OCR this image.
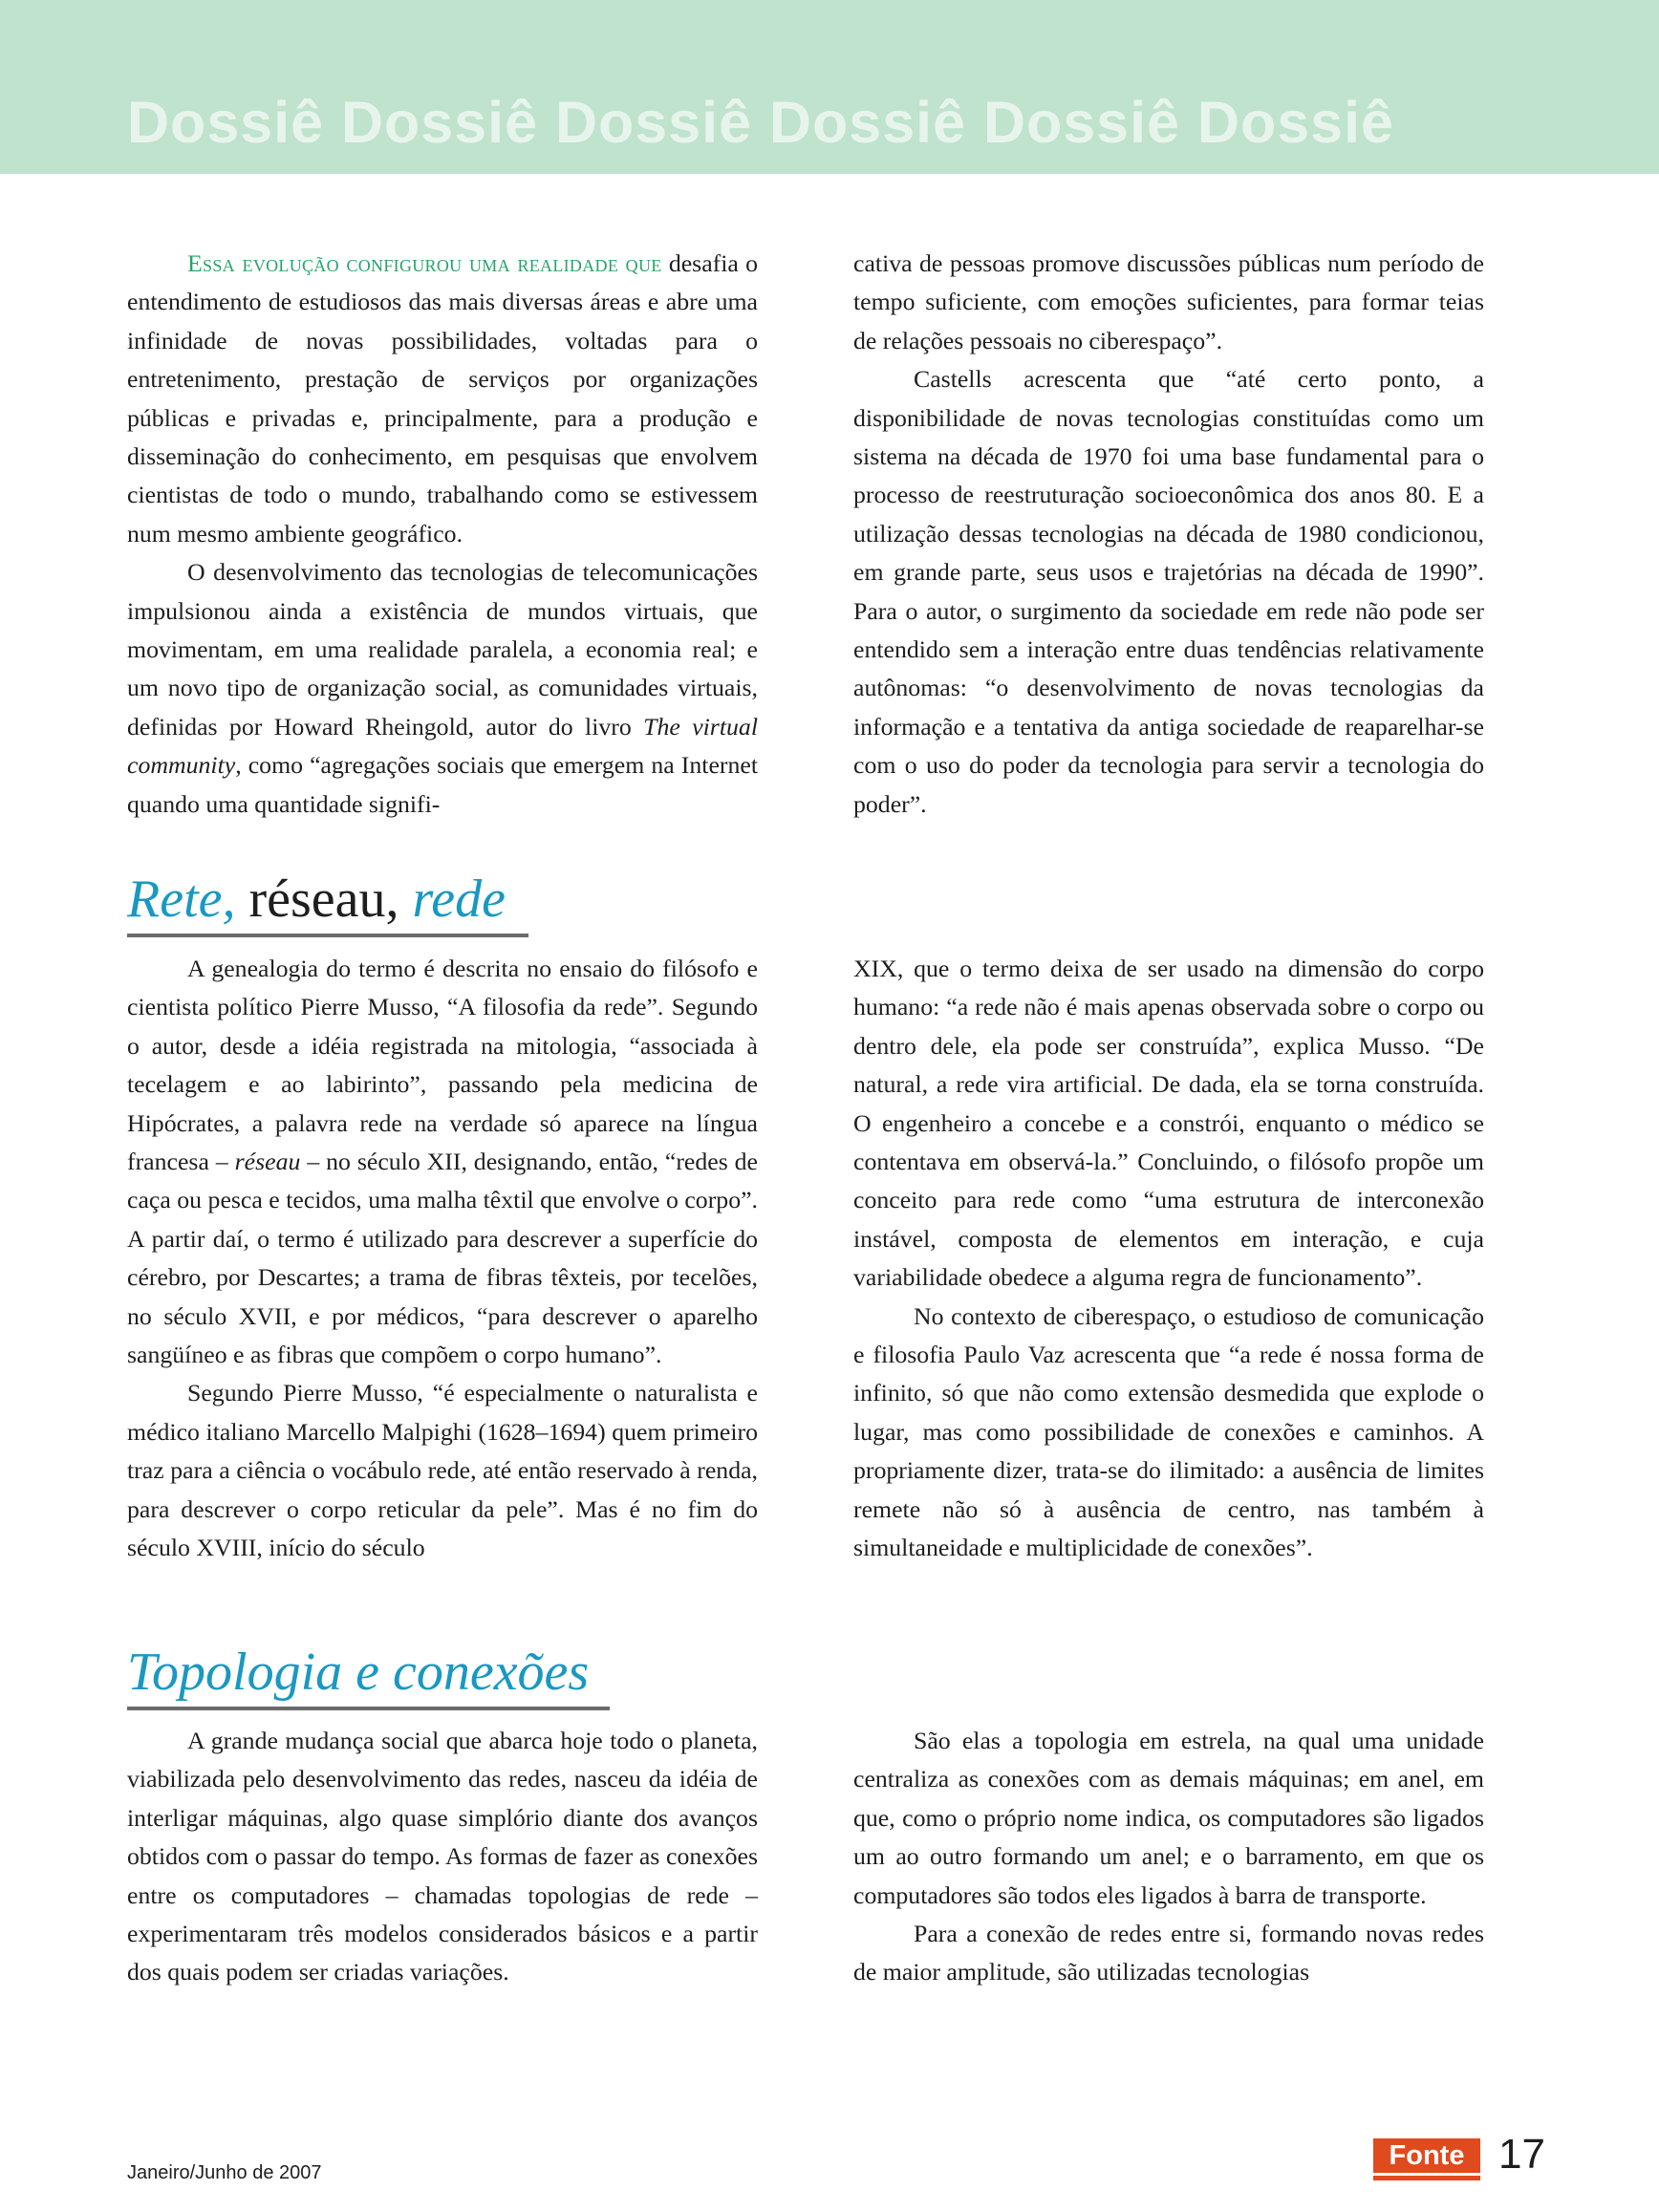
Dossiê Dossiê Dossiê Dossiê Dossiê Dossiê

Essa evolução configurou uma realidade que desafia o entendimento de estudiosos das mais diversas áreas e abre uma infinidade de novas possibilidades, voltadas para o entretenimento, prestação de serviços por organizações públicas e privadas e, principalmente, para a produção e disseminação do conhecimento, em pesquisas que envolvem cientistas de todo o mundo, trabalhando como se estivessem num mesmo ambiente geográfico.

O desenvolvimento das tecnologias de telecomunicações impulsionou ainda a existência de mundos virtuais, que movimentam, em uma realidade paralela, a economia real; e um novo tipo de organização social, as comunidades virtuais, definidas por Howard Rheingold, autor do livro The virtual community, como “agregações sociais que emergem na Internet quando uma quantidade signifi-

cativa de pessoas promove discussões públicas num período de tempo suficiente, com emoções suficientes, para formar teias de relações pessoais no ciberespaço”.

Castells acrescenta que “até certo ponto, a disponibilidade de novas tecnologias constituídas como um sistema na década de 1970 foi uma base fundamental para o processo de reestruturação socioeconômica dos anos 80. E a utilização dessas tecnologias na década de 1980 condicionou, em grande parte, seus usos e trajetórias na década de 1990”. Para o autor, o surgimento da sociedade em rede não pode ser entendido sem a interação entre duas tendências relativamente autônomas: “o desenvolvimento de novas tecnologias da informação e a tentativa da antiga sociedade de reaparelhar-se com o uso do poder da tecnologia para servir a tecnologia do poder”.

Rete, réseau, rede

A genealogia do termo é descrita no ensaio do filósofo e cientista político Pierre Musso, “A filosofia da rede”. Segundo o autor, desde a idéia registrada na mitologia, “associada à tecelagem e ao labirinto”, passando pela medicina de Hipócrates, a palavra rede na verdade só aparece na língua francesa – réseau – no século XII, designando, então, “redes de caça ou pesca e tecidos, uma malha têxtil que envolve o corpo”. A partir daí, o termo é utilizado para descrever a superfície do cérebro, por Descartes; a trama de fibras têxteis, por tecelões, no século XVII, e por médicos, “para descrever o aparelho sangüíneo e as fibras que compõem o corpo humano”.

Segundo Pierre Musso, “é especialmente o naturalista e médico italiano Marcello Malpighi (1628–1694) quem primeiro traz para a ciência o vocábulo rede, até então reservado à renda, para descrever o corpo reticular da pele”. Mas é no fim do século XVIII, início do século

XIX, que o termo deixa de ser usado na dimensão do corpo humano: “a rede não é mais apenas observada sobre o corpo ou dentro dele, ela pode ser construída”, explica Musso. “De natural, a rede vira artificial. De dada, ela se torna construída. O engenheiro a concebe e a constrói, enquanto o médico se contentava em observá-la.” Concluindo, o filósofo propõe um conceito para rede como “uma estrutura de interconexão instável, composta de elementos em interação, e cuja variabilidade obedece a alguma regra de funcionamento”.

No contexto de ciberespaço, o estudioso de comunicação e filosofia Paulo Vaz acrescenta que “a rede é nossa forma de infinito, só que não como extensão desmedida que explode o lugar, mas como possibilidade de conexões e caminhos. A propriamente dizer, trata-se do ilimitado: a ausência de limites remete não só à ausência de centro, nas também à simultaneidade e multiplicidade de conexões”.

Topologia e conexões

A grande mudança social que abarca hoje todo o planeta, viabilizada pelo desenvolvimento das redes, nasceu da idéia de interligar máquinas, algo quase simplório diante dos avanços obtidos com o passar do tempo. As formas de fazer as conexões entre os computadores – chamadas topologias de rede – experimentaram três modelos considerados básicos e a partir dos quais podem ser criadas variações.

São elas a topologia em estrela, na qual uma unidade centraliza as conexões com as demais máquinas; em anel, em que, como o próprio nome indica, os computadores são ligados um ao outro formando um anel; e o barramento, em que os computadores são todos eles ligados à barra de transporte.

Para a conexão de redes entre si, formando novas redes de maior amplitude, são utilizadas tecnologias

Janeiro/Junho de 2007
Fonte 17
